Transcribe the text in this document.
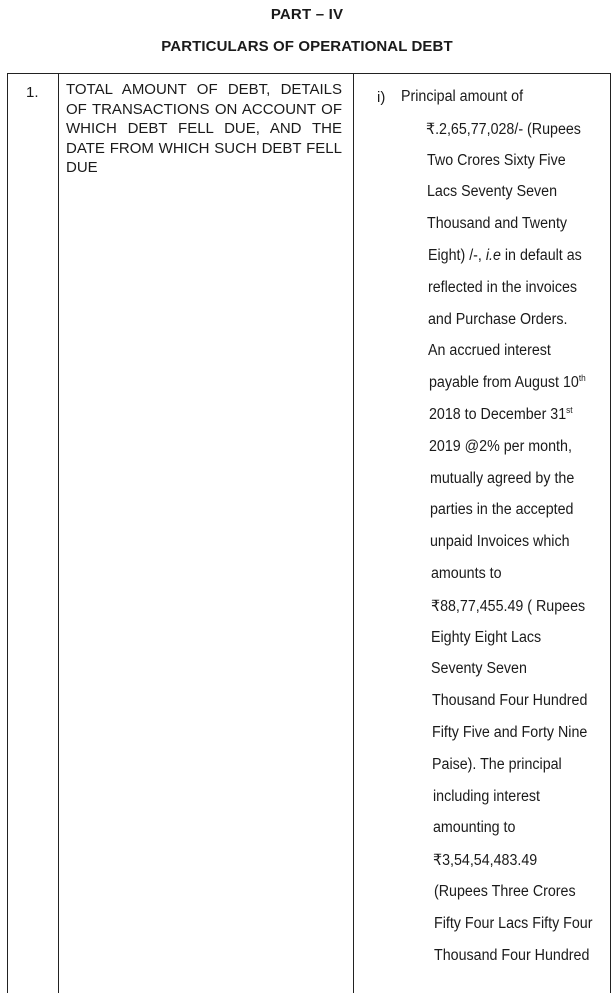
PART – IV
PARTICULARS OF OPERATIONAL DEBT
1. TOTAL AMOUNT OF DEBT, DETAILS OF TRANSACTIONS ON ACCOUNT OF WHICH DEBT FELL DUE, AND THE DATE FROM WHICH SUCH DEBT FELL DUE
i) Principal amount of
₹.2,65,77,028/- (Rupees
Two Crores Sixty Five
Lacs Seventy Seven
Thousand and Twenty
Eight) /-, i.e in default as
reflected in the invoices
and Purchase Orders.
An accrued interest
payable from August 10th
2018 to December 31st
2019 @2% per month,
mutually agreed by the
parties in the accepted
unpaid Invoices which
amounts to
₹88,77,455.49 ( Rupees
Eighty Eight Lacs
Seventy Seven
Thousand Four Hundred
Fifty Five and Forty Nine
Paise). The principal
including interest
amounting to
₹3,54,54,483.49
(Rupees Three Crores
Fifty Four Lacs Fifty Four
Thousand Four Hundred
